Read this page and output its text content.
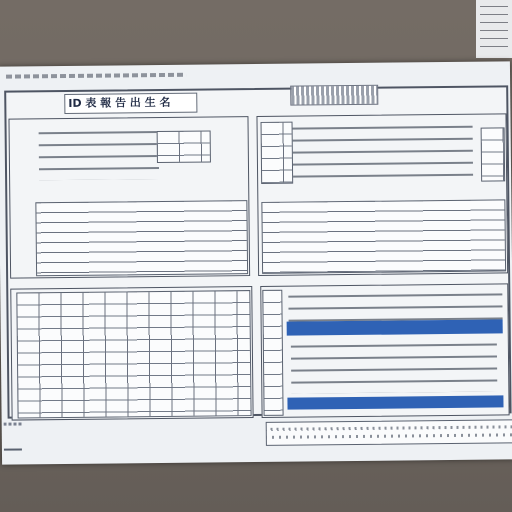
ID 表 報 告 出 生 名
